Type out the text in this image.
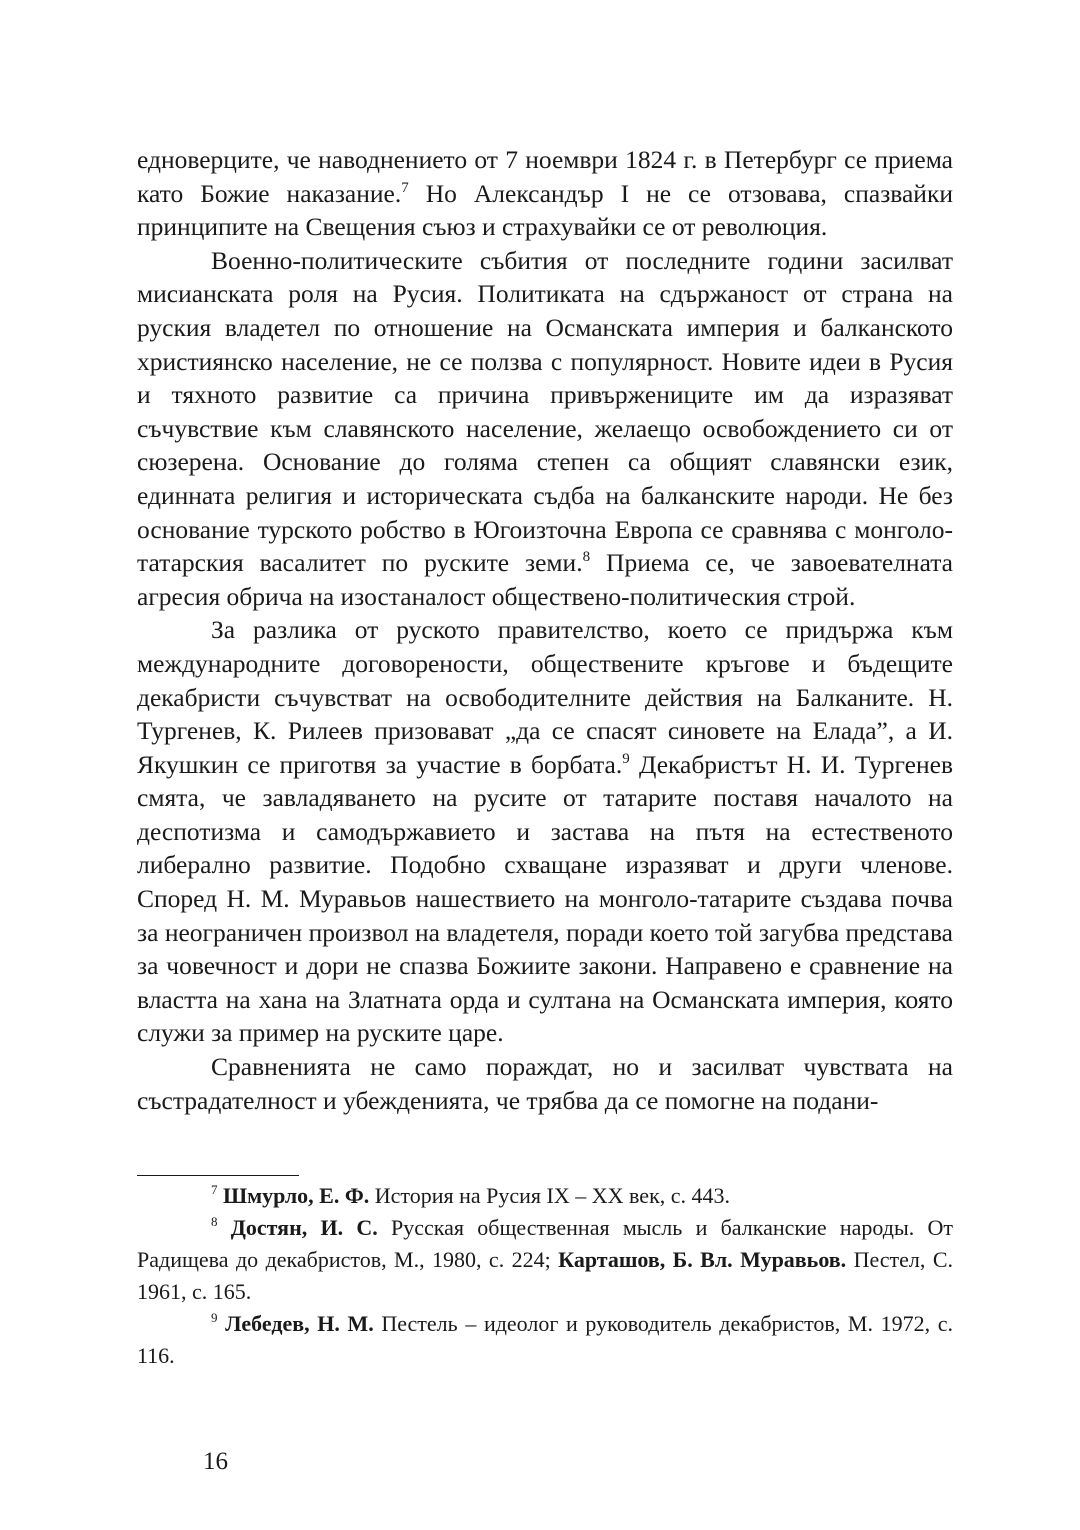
едноверците, че наводнението от 7 ноември 1824 г. в Петербург се приема като Божие наказание.$^7$ Но Александър I не се отзовава, спазвайки принципите на Свещения съюз и страхувайки се от революция.

Военно-политическите събития от последните години засилват мисианската роля на Русия. Политиката на сдържаност от страна на руския владетел по отношение на Османската империя и балканското християнско население, не се ползва с популярност. Новите идеи в Русия и тяхното развитие са причина привържениците им да изразяват съчувствие към славянското население, желаещо освобождението си от сюзерена. Основание до голяма степен са общият славянски език, единната религия и историческата съдба на балканските народи. Не без основание турското робство в Югоизточна Европа се сравнява с монголо-татарския васалитет по руските земи.$^8$ Приема се, че завоевателната агресия обрича на изостаналост обществено-политическия строй.

За разлика от руското правителство, което се придържа към международните договорености, обществените кръгове и бъдещите декабристи съчувстват на освободителните действия на Балканите. Н. Тургенев, К. Рилеев призовават „да се спасят синовете на Елада”, а И. Якушкин се приготвя за участие в борбата.$^9$ Декабристът Н. И. Тургенев смята, че завладяването на русите от татарите поставя началото на деспотизма и самодържавието и застава на пътя на естественото либерално развитие. Подобно схващане изразяват и други членове. Според Н. М. Муравьов нашествието на монголо-татарите създава почва за неограничен произвол на владетеля, поради което той загубва представа за човечност и дори не спазва Божиите закони. Направено е сравнение на властта на хана на Златната орда и султана на Османската империя, която служи за пример на руските царе.

Сравненията не само пораждат, но и засилват чувствата на състрадателност и убежденията, че трябва да се помогне на подани-

$^7$ Шмурло, Е. Ф. История на Русия IX – XX век, с. 443.

$^8$ Достян, И. С. Русская общественная мысль и балканские народы. От Радищева до декабристов, М., 1980, с. 224; Карташов, Б. Вл. Муравьов. Пестел, С. 1961, с. 165.

$^9$ Лебедев, Н. М. Пестель – идеолог и руководитель декабристов, М. 1972, с. 116.

16
